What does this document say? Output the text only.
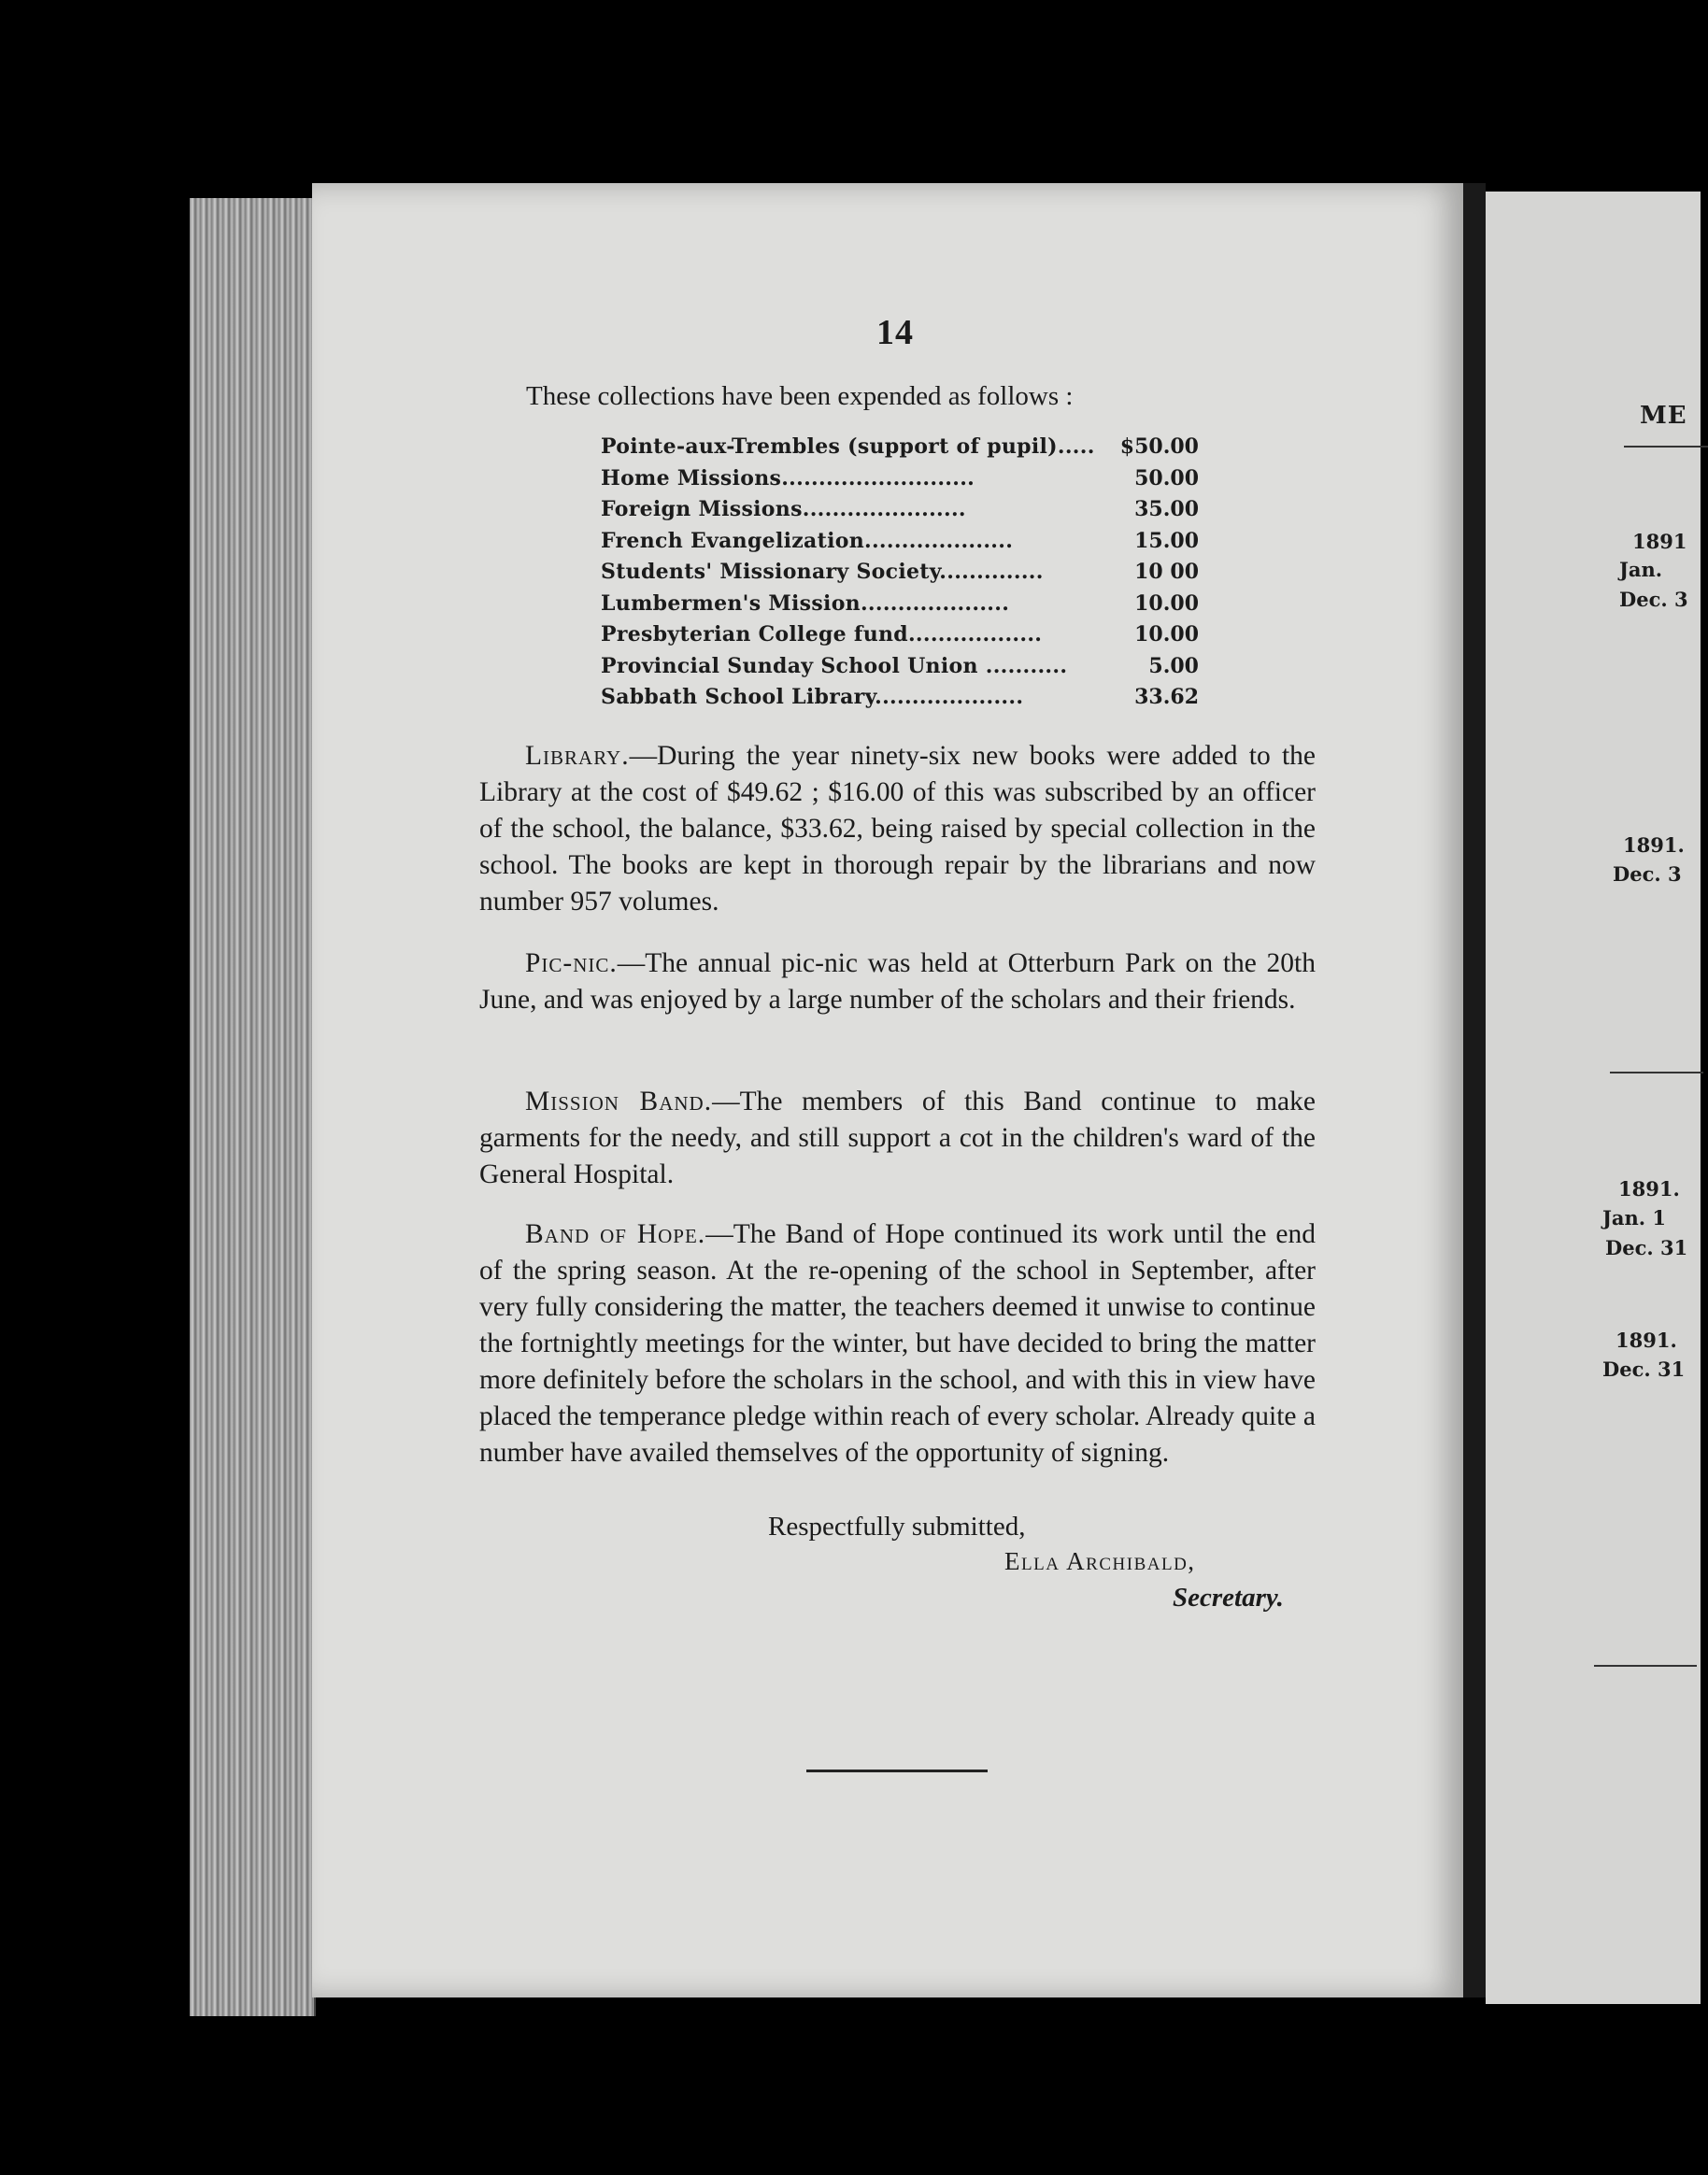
14
These collections have been expended as follows :
Pointe-aux-Trembles (support of pupil)..... $50.00
Home Missions..........................	50.00
Foreign Missions......................	35.00
French Evangelization....................	15.00
Students' Missionary Society..............	10 00
Lumbermen's Mission....................	10.00
Presbyterian College fund..................	10.00
Provincial Sunday School Union ...........	5.00
Sabbath School Library....................	33.62
Library.—During the year ninety-six new books were added to the Library at the cost of $49.62 ; $16.00 of this was subscribed by an officer of the school, the balance, $33.62, being raised by special collection in the school. The books are kept in thorough repair by the librarians and now number 957 volumes.
Pic-nic.—The annual pic-nic was held at Otterburn Park on the 20th June, and was enjoyed by a large number of the scholars and their friends.
Mission Band.—The members of this Band continue to make garments for the needy, and still support a cot in the children's ward of the General Hospital.
Band of Hope.—The Band of Hope continued its work until the end of the spring season. At the re-opening of the school in September, after very fully considering the matter, the teachers deemed it unwise to continue the fortnightly meetings for the winter, but have decided to bring the matter more definitely before the scholars in the school, and with this in view have placed the temperance pledge within reach of every scholar. Already quite a number have availed themselves of the opportunity of signing.
Respectfully submitted,
Ella Archibald,
Secretary.
ME
1891
Jan.
Dec. 3
1891.
Dec. 3
1891.
Jan. 1
Dec. 31
1891.
Dec. 31
